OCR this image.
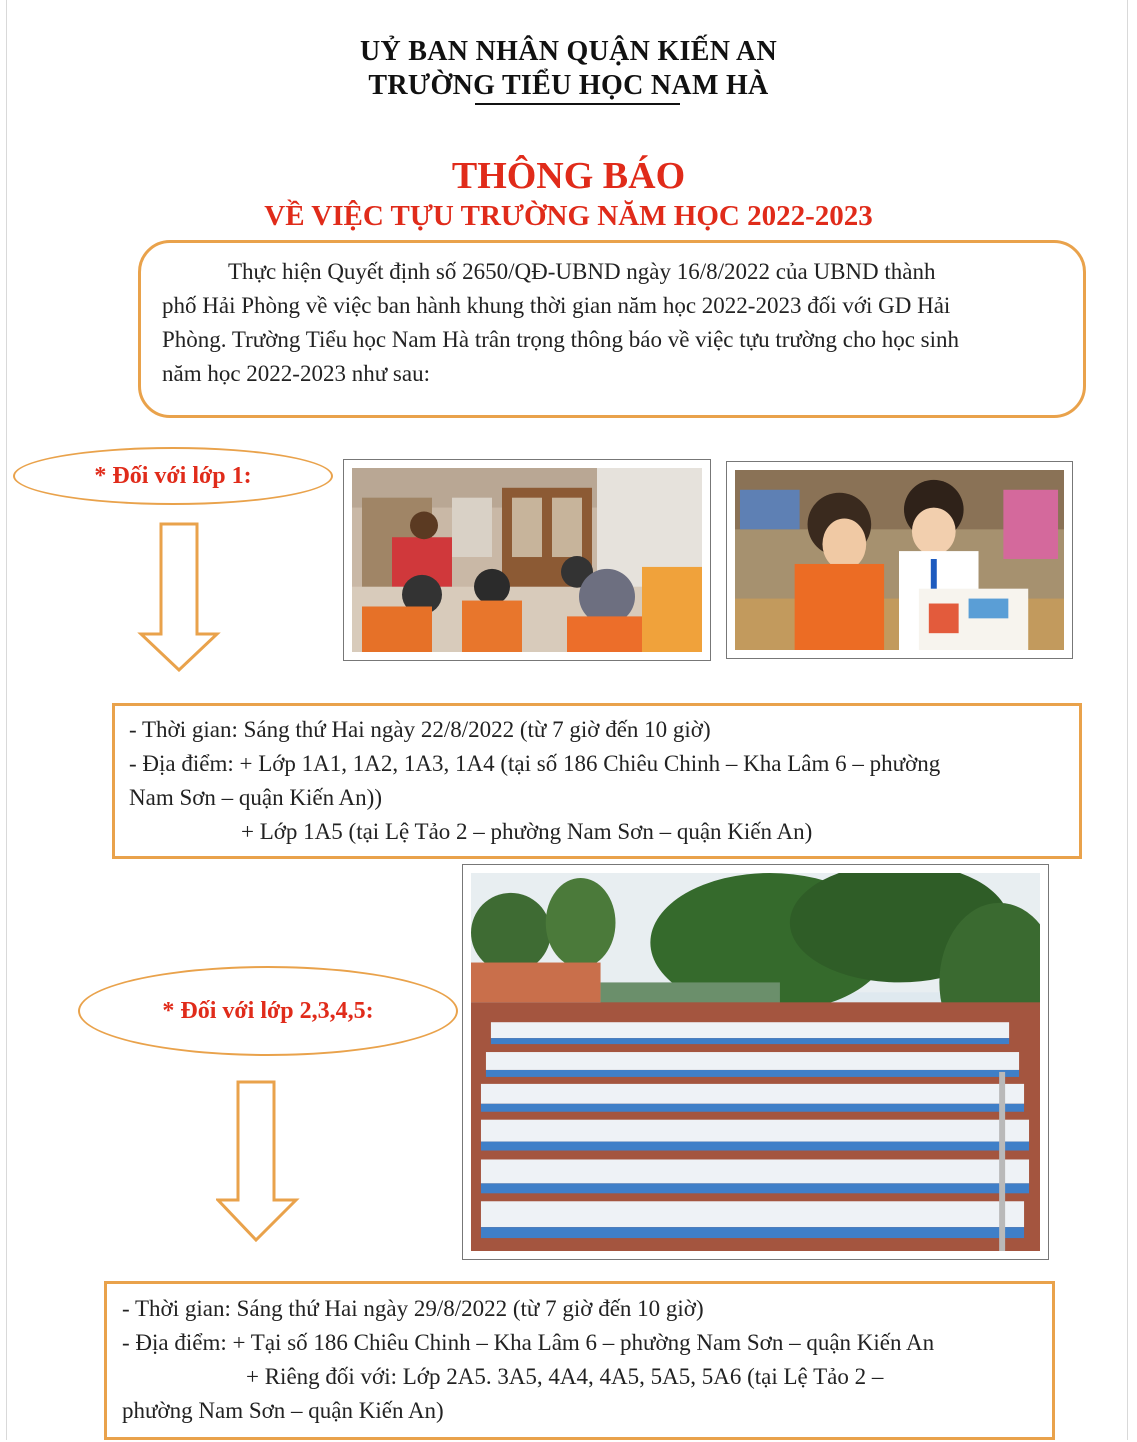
UỶ BAN NHÂN QUẬN KIẾN AN
TRƯỜNG TIỂU HỌC NAM HÀ
THÔNG BÁO
VỀ VIỆC TỰU TRƯỜNG NĂM HỌC 2022-2023
Thực hiện Quyết định số 2650/QĐ-UBND ngày 16/8/2022 của UBND thành
phố Hải Phòng về việc ban hành khung thời gian năm học 2022-2023 đối với GD Hải
Phòng. Trường Tiểu học Nam Hà trân trọng thông báo về việc tựu trường cho học sinh
năm học 2022-2023 như sau:
* Đối với lớp 1:
- Thời gian: Sáng thứ Hai ngày 22/8/2022 (từ 7 giờ đến 10 giờ)
- Địa điểm: + Lớp 1A1, 1A2, 1A3, 1A4 (tại số 186 Chiêu Chinh – Kha Lâm 6 – phường
Nam Sơn – quận Kiến An))
+ Lớp 1A5 (tại Lệ Tảo 2 – phường Nam Sơn – quận Kiến An)
* Đối với lớp 2,3,4,5:
- Thời gian: Sáng thứ Hai ngày 29/8/2022 (từ 7 giờ đến 10 giờ)
- Địa điểm: + Tại số 186 Chiêu Chinh – Kha Lâm 6 – phường Nam Sơn – quận Kiến An
+ Riêng đối với: Lớp 2A5. 3A5, 4A4, 4A5, 5A5, 5A6 (tại Lệ Tảo 2 –
phường Nam Sơn – quận Kiến An)
